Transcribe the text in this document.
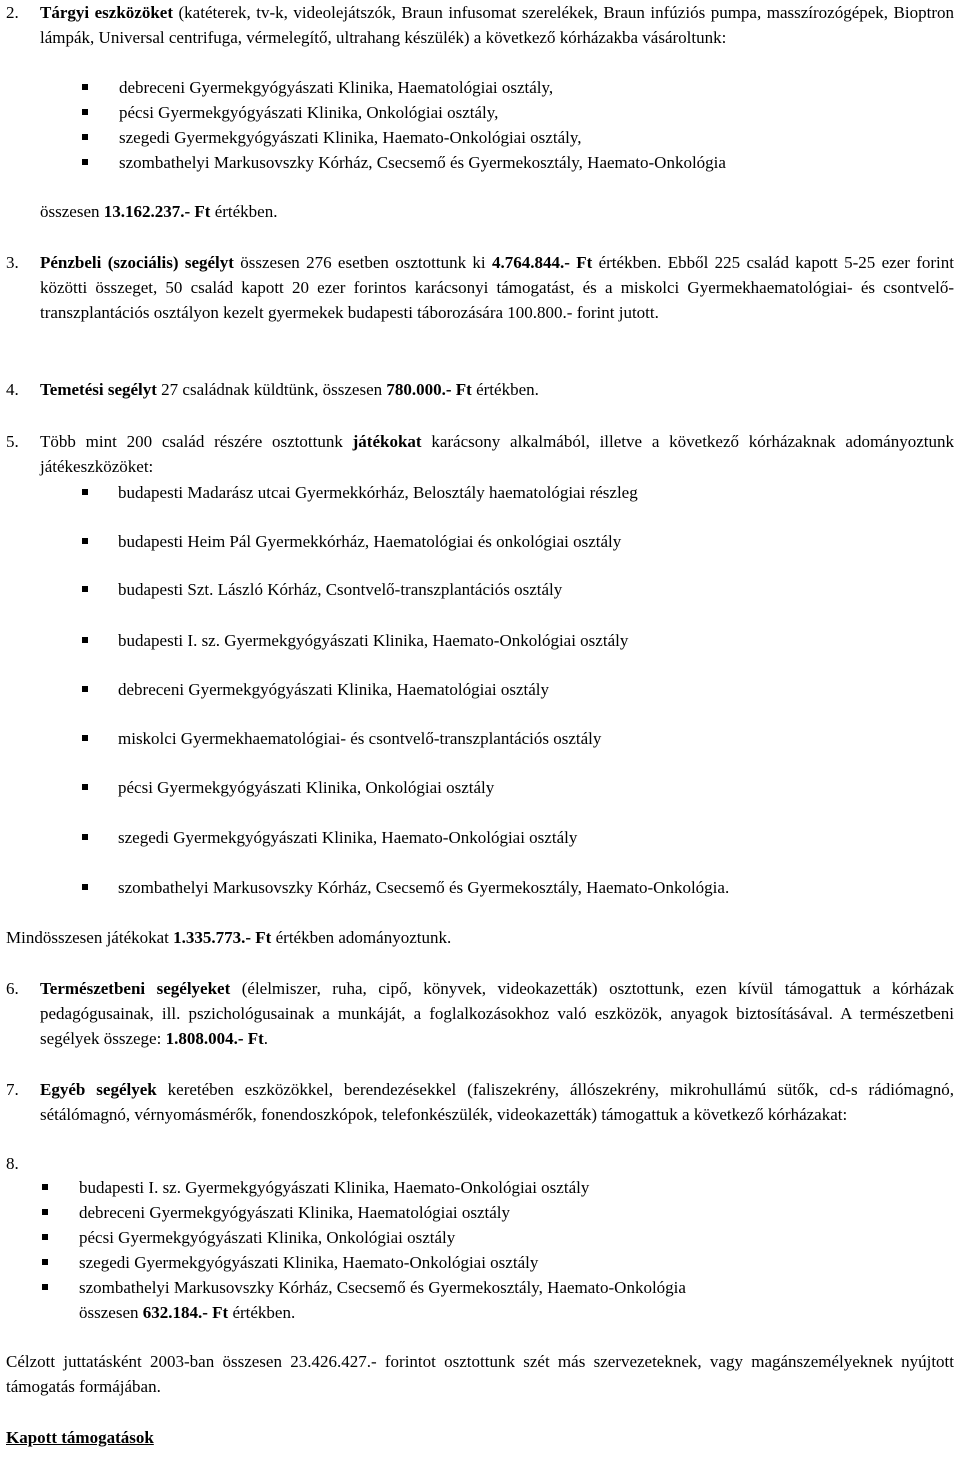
2. Tárgyi eszközöket (katéterek, tv-k, videolejátszók, Braun infusomat szerelékek, Braun infúziós pumpa, masszírozógépek, Bioptron lámpák, Universal centrifuga, vérmelegítő, ultrahang készülék) a következő kórházakba vásároltunk:

debreceni Gyermekgyógyászati Klinika, Haematológiai osztály,
pécsi Gyermekgyógyászati Klinika, Onkológiai osztály,
szegedi Gyermekgyógyászati Klinika, Haemato-Onkológiai osztály,
szombathelyi Markusovszky Kórház, Csecsemő és Gyermekosztály, Haemato-Onkológia
összesen 13.162.237.- Ft értékben.
3. Pénzbeli (szociális) segélyt összesen 276 esetben osztottunk ki 4.764.844.- Ft értékben. Ebből 225 család kapott 5-25 ezer forint közötti összeget, 50 család kapott 20 ezer forintos karácsonyi támogatást, és a miskolci Gyermekhaematológiai- és csontvelő-transzplantációs osztályon kezelt gyermekek budapesti táborozására 100.800.- forint jutott.

4. Temetési segélyt 27 családnak küldtünk, összesen 780.000.- Ft értékben.
5. Több mint 200 család részére osztottunk játékokat karácsony alkalmából, illetve a következő kórházaknak adományoztunk játékeszközöket:

budapesti Madarász utcai Gyermekkórház, Belosztály haematológiai részleg
budapesti Heim Pál Gyermekkórház, Haematológiai és onkológiai osztály
budapesti Szt. László Kórház, Csontvelő-transzplantációs osztály
budapesti I. sz. Gyermekgyógyászati Klinika, Haemato-Onkológiai osztály
debreceni Gyermekgyógyászati Klinika, Haematológiai osztály
miskolci Gyermekhaematológiai- és csontvelő-transzplantációs osztály
pécsi Gyermekgyógyászati Klinika, Onkológiai osztály
szegedi Gyermekgyógyászati Klinika, Haemato-Onkológiai osztály
szombathelyi Markusovszky Kórház, Csecsemő és Gyermekosztály, Haemato-Onkológia.
Mindösszesen játékokat 1.335.773.- Ft értékben adományoztunk.
6. Természetbeni segélyeket (élelmiszer, ruha, cipő, könyvek, videokazetták) osztottunk, ezen kívül támogattuk a kórházak pedagógusainak, ill. pszichológusainak a munkáját, a foglalkozásokhoz való eszközök, anyagok biztosításával. A természetbeni segélyek összege: 1.808.004.- Ft.

7. Egyéb segélyek keretében eszközökkel, berendezésekkel (faliszekrény, állószekrény, mikrohullámú sütők, cd-s rádiómagnó, sétálómagnó, vérnyomásmérők, fonendoszkópok, telefonkészülék, videokazetták) támogattuk a következő kórházakat:

8.
budapesti I. sz. Gyermekgyógyászati Klinika, Haemato-Onkológiai osztály
debreceni Gyermekgyógyászati Klinika, Haematológiai osztály
pécsi Gyermekgyógyászati Klinika, Onkológiai osztály
szegedi Gyermekgyógyászati Klinika, Haemato-Onkológiai osztály
szombathelyi Markusovszky Kórház, Csecsemő és Gyermekosztály, Haemato-Onkológia
összesen 632.184.- Ft értékben.

Célzott juttatásként 2003-ban összesen 23.426.427.- forintot osztottunk szét más szervezeteknek, vagy magánszemélyeknek nyújtott támogatás formájában.

Kapott támogatások
